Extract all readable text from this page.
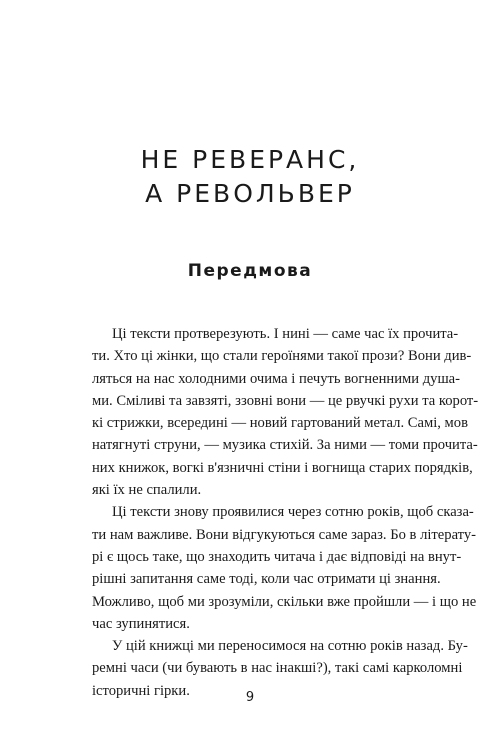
НЕ РЕВЕРАНС,
А РЕВОЛЬВЕР
Передмова
Ці тексти протверезують. І нині — саме час їх прочита-
ти. Хто ці жінки, що стали героїнями такої прози? Вони див-
ляться на нас холодними очима і печуть вогненними душа-
ми. Сміливі та завзяті, ззовні вони — це рвучкі рухи та корот-
кі стрижки, всередині — новий гартований метал. Самі, мов
натягнуті струни, — музика стихій. За ними — томи прочита-
них книжок, вогкі в'язничні стіни і вогнища старих порядків,
які їх не спалили.
Ці тексти знову проявилися через сотню років, щоб сказа-
ти нам важливе. Вони відгукуються саме зараз. Бо в літерату-
рі є щось таке, що знаходить читача і дає відповіді на внут-
рішні запитання саме тоді, коли час отримати ці знання.
Можливо, щоб ми зрозуміли, скільки вже пройшли — і що не
час зупинятися.
У цій книжці ми переносимося на сотню років назад. Бу-
ремні часи (чи бувають в нас інакші?), такі самі карколомні
історичні гірки.	9
